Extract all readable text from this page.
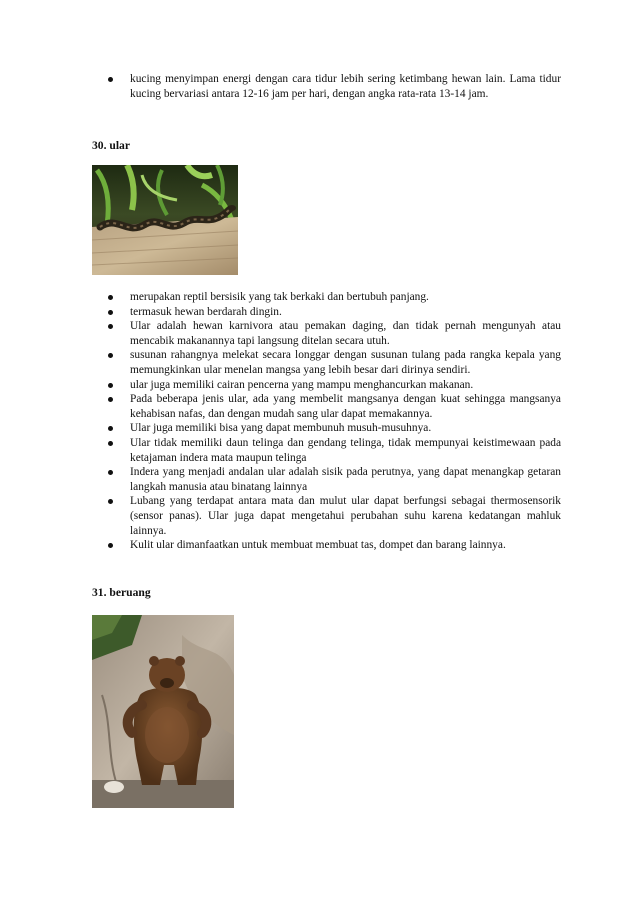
kucing menyimpan energi dengan cara tidur lebih sering ketimbang hewan lain. Lama tidur kucing bervariasi antara 12-16 jam per hari, dengan angka rata-rata 13-14 jam.
30. ular
merupakan reptil bersisik yang tak berkaki dan bertubuh panjang.
termasuk hewan berdarah dingin.
Ular adalah hewan karnivora atau pemakan daging, dan tidak pernah mengunyah atau mencabik makanannya tapi langsung ditelan secara utuh.
susunan rahangnya melekat secara longgar dengan susunan tulang pada rangka kepala yang memungkinkan ular menelan mangsa yang lebih besar dari dirinya sendiri.
ular juga memiliki cairan pencerna yang mampu menghancurkan makanan.
Pada beberapa jenis ular, ada yang membelit mangsanya dengan kuat sehingga mangsanya kehabisan nafas, dan dengan mudah sang ular dapat memakannya.
Ular juga memiliki bisa yang dapat membunuh musuh-musuhnya.
Ular tidak memiliki daun telinga dan gendang telinga, tidak mempunyai keistimewaan pada ketajaman indera mata maupun telinga
Indera yang menjadi andalan ular adalah sisik pada perutnya, yang dapat menangkap getaran langkah manusia atau binatang lainnya
Lubang yang terdapat antara mata dan mulut ular dapat berfungsi sebagai thermosensorik (sensor panas). Ular juga dapat mengetahui perubahan suhu karena kedatangan mahluk lainnya.
Kulit ular dimanfaatkan untuk membuat membuat tas, dompet dan barang lainnya.
31. beruang
